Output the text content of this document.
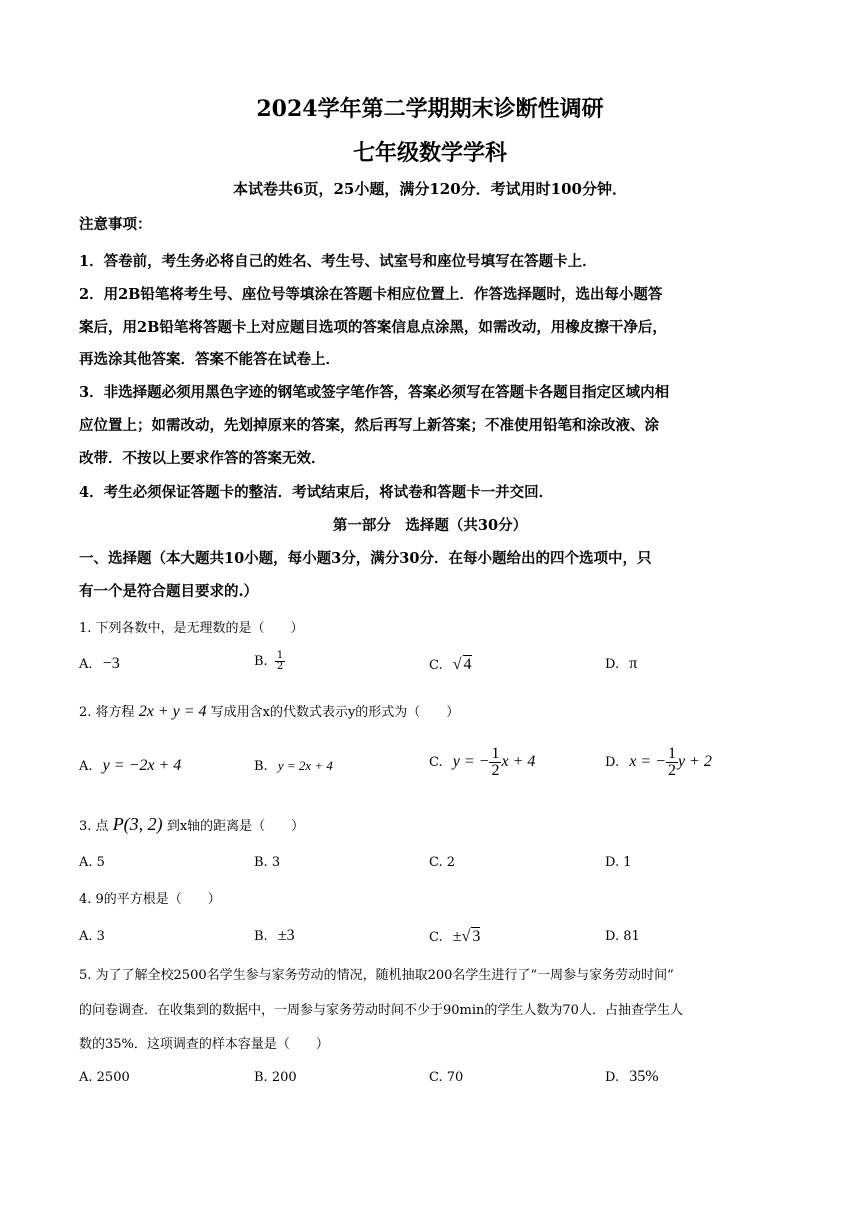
2024学年第二学期期末诊断性调研
七年级数学学科
本试卷共6页，25小题，满分120分．考试用时100分钟．
注意事项：
1．答卷前，考生务必将自己的姓名、考生号、试室号和座位号填写在答题卡上．
2．用2B铅笔将考生号、座位号等填涂在答题卡相应位置上．作答选择题时，选出每小题答
案后，用2B铅笔将答题卡上对应题目选项的答案信息点涂黑，如需改动，用橡皮擦干净后，
再选涂其他答案．答案不能答在试卷上．
3．非选择题必须用黑色字迹的钢笔或签字笔作答，答案必须写在答题卡各题目指定区域内相
应位置上；如需改动，先划掉原来的答案，然后再写上新答案；不准使用铅笔和涂改液、涂
改带．不按以上要求作答的答案无效．
4．考生必须保证答题卡的整洁．考试结束后，将试卷和答题卡一并交回．
第一部分　选择题（共30分）
一、选择题（本大题共10小题，每小题3分，满分30分．在每小题给出的四个选项中，只
有一个是符合题目要求的.）
1. 下列各数中，是无理数的是（　　）
A. −3	B. $\frac{1}{2}$	C. √ 4	D. π
2. 将方程 2x + y = 4 写成用含x的代数式表示y的形式为（　　）
A. y = −2x + 4	B. y = 2x + 4	C. y = − $\frac{1}{2}$ x + 4	D. x = − $\frac{1}{2}$ y + 2
3. 点 P(3, 2) 到x轴的距离是（　　）
A. 5	B. 3	C. 2	D. 1
4. 9的平方根是（　　）
A. 3	B. ±3	C. ±√ 3	D. 81
5. 为了了解全校2500名学生参与家务劳动的情况，随机抽取200名学生进行了“一周参与家务劳动时间”
的问卷调查．在收集到的数据中，一周参与家务劳动时间不少于90min的学生人数为70人．占抽查学生人
数的35%．这项调查的样本容量是（　　）
A. 2500	B. 200	C. 70	D. 35%
